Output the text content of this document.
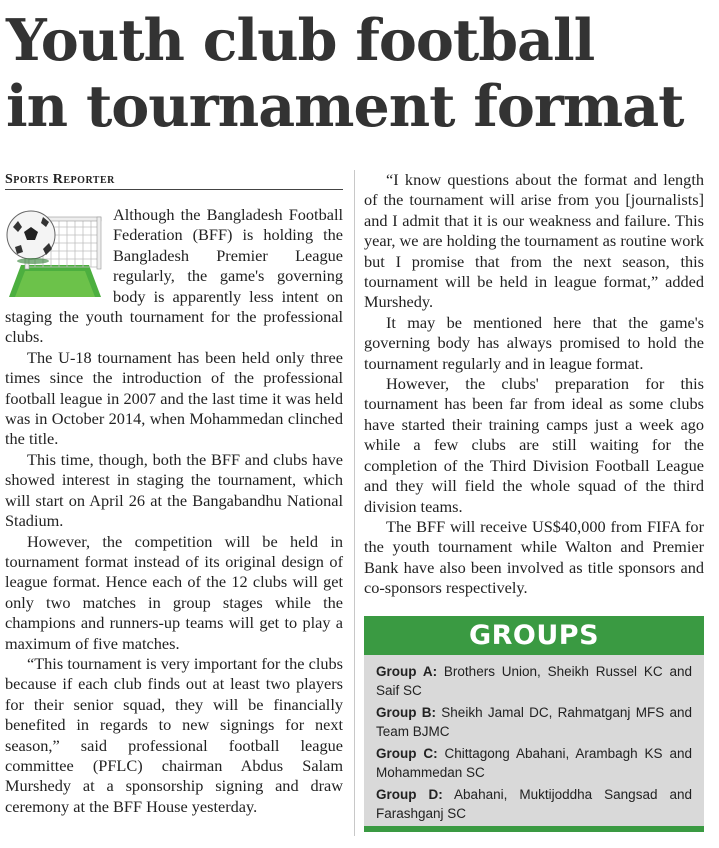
Youth club football
in tournament format
Sports Reporter

Although the Bangladesh Football Federation (BFF) is holding the Bangladesh Premier League regularly, the game's governing body is apparently less intent on staging the youth tournament for the professional clubs.

The U-18 tournament has been held only three times since the introduction of the professional football league in 2007 and the last time it was held was in October 2014, when Mohammedan clinched the title.

This time, though, both the BFF and clubs have showed interest in staging the tournament, which will start on April 26 at the Bangabandhu National Stadium.

However, the competition will be held in tournament format instead of its original design of league format. Hence each of the 12 clubs will get only two matches in group stages while the champions and runners-up teams will get to play a maximum of five matches.

“This tournament is very important for the clubs because if each club finds out at least two players for their senior squad, they will be financially benefited in regards to new signings for next season,” said professional football league committee (PFLC) chairman Abdus Salam Murshedy at a sponsorship signing and draw ceremony at the BFF House yesterday.

“I know questions about the format and length of the tournament will arise from you [journalists] and I admit that it is our weakness and failure. This year, we are holding the tournament as routine work but I promise that from the next season, this tournament will be held in league format,” added Murshedy.

It may be mentioned here that the game's governing body has always promised to hold the tournament regularly and in league format.

However, the clubs' preparation for this tournament has been far from ideal as some clubs have started their training camps just a week ago while a few clubs are still waiting for the completion of the Third Division Football League and they will field the whole squad of the third division teams.

The BFF will receive US$40,000 from FIFA for the youth tournament while Walton and Premier Bank have also been involved as title sponsors and co-sponsors respectively.

GROUPS
Group A: Brothers Union, Sheikh Russel KC and Saif SC
Group B: Sheikh Jamal DC, Rahmatganj MFS and Team BJMC
Group C: Chittagong Abahani, Arambagh KS and Mohammedan SC
Group D: Abahani, Muktijoddha Sangsad and Farashganj SC
